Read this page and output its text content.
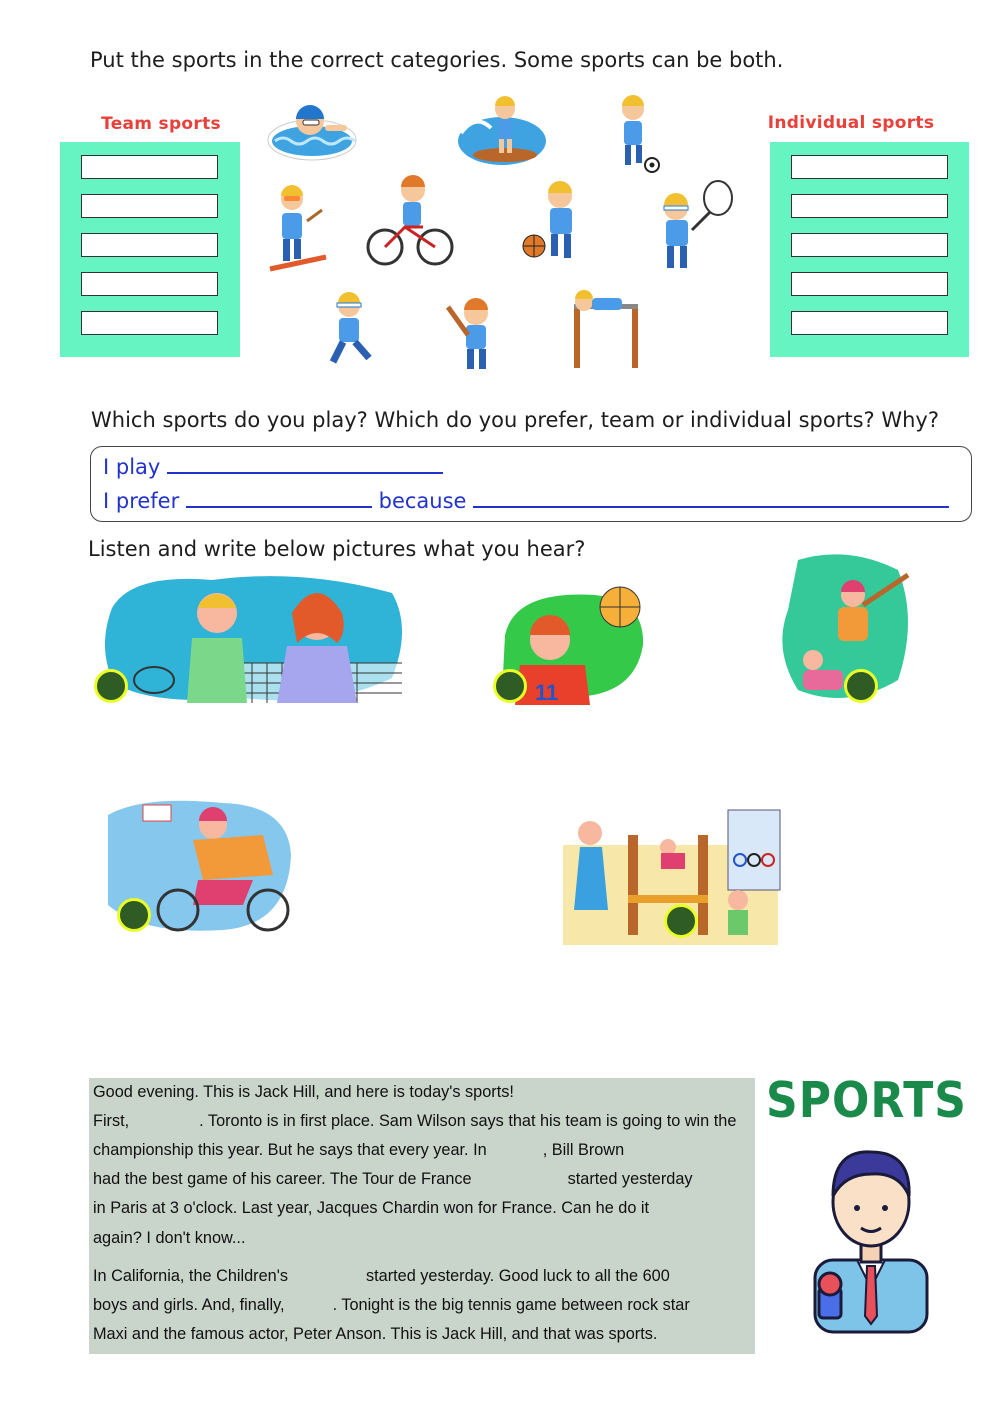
Put the sports in the correct categories. Some sports can be both.
Team sports	Individual sports
Which sports do you play? Which do you prefer, team or individual sports? Why?
I play
I prefer	because
Listen and write below pictures what you hear?
11
Good evening. This is Jack Hill, and here is today's sports!
First,	. Toronto is in first place. Sam Wilson says that his team is going to win the
championship this year. But he says that every year. In	, Bill Brown
had the best game of his career. The Tour de France	started yesterday
in Paris at 3 o'clock. Last year, Jacques Chardin won for France. Can he do it
again? I don't know...
In California, the Children's	started yesterday. Good luck to all the 600
boys and girls. And, finally,	. Tonight is the big tennis game between rock star
Maxi and the famous actor, Peter Anson. This is Jack Hill, and that was sports.
SPORTS
